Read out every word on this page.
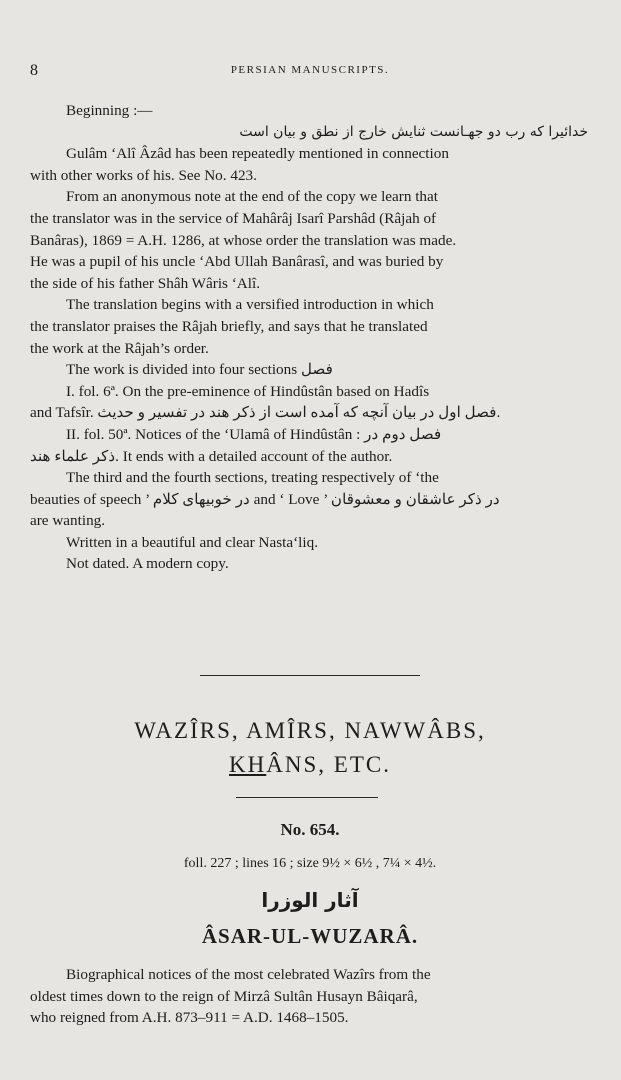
8	PERSIAN MANUSCRIPTS.
Beginning :—
خدائیرا که رب دو جهـانست ثنایش خارج از نطق و بیان است
Gulâm ‘Alî Âzâd has been repeatedly mentioned in connection
with other works of his. See No. 423.
From an anonymous note at the end of the copy we learn that
the translator was in the service of Mahârâj Isarî Parshâd (Râjah of
Banâras), 1869 = A.H. 1286, at whose order the translation was made.
He was a pupil of his uncle ‘Abd Ullah Banârasî, and was buried by
the side of his father Shâh Wâris ‘Alî.
The translation begins with a versified introduction in which
the translator praises the Râjah briefly, and says that he translated
the work at the Râjah’s order.
The work is divided into four sections فصل
I. fol. 6ª. On the pre-eminence of Hindûstân based on Hadîs
and Tafsîr. فصل اول در بیان آنچه که آمده است از ذکر هند در تفسیر و حدیث.
II. fol. 50ª. Notices of the ‘Ulamâ of Hindûstân : فصل دوم در
ذکر علماء هند. It ends with a detailed account of the author.
The third and the fourth sections, treating respectively of ‘the
beauties of speech ’ در خوبیهای کلام and ‘ Love ’ در ذکر عاشقان و معشوقان
are wanting.
Written in a beautiful and clear Nasta‘liq.
Not dated. A modern copy.
WAZÎRS, AMÎRS, NAWWÂBS,
KHÂNS, ETC.
No. 654.
foll. 227 ; lines 16 ; size 9½ × 6½ , 7¼ × 4½.
آثار الوزرا
ÂSAR-UL-WUZARÂ.
Biographical notices of the most celebrated Wazîrs from the
oldest times down to the reign of Mirzâ Sultân Husayn Bâiqarâ,
who reigned from A.H. 873–911 = A.D. 1468–1505.
